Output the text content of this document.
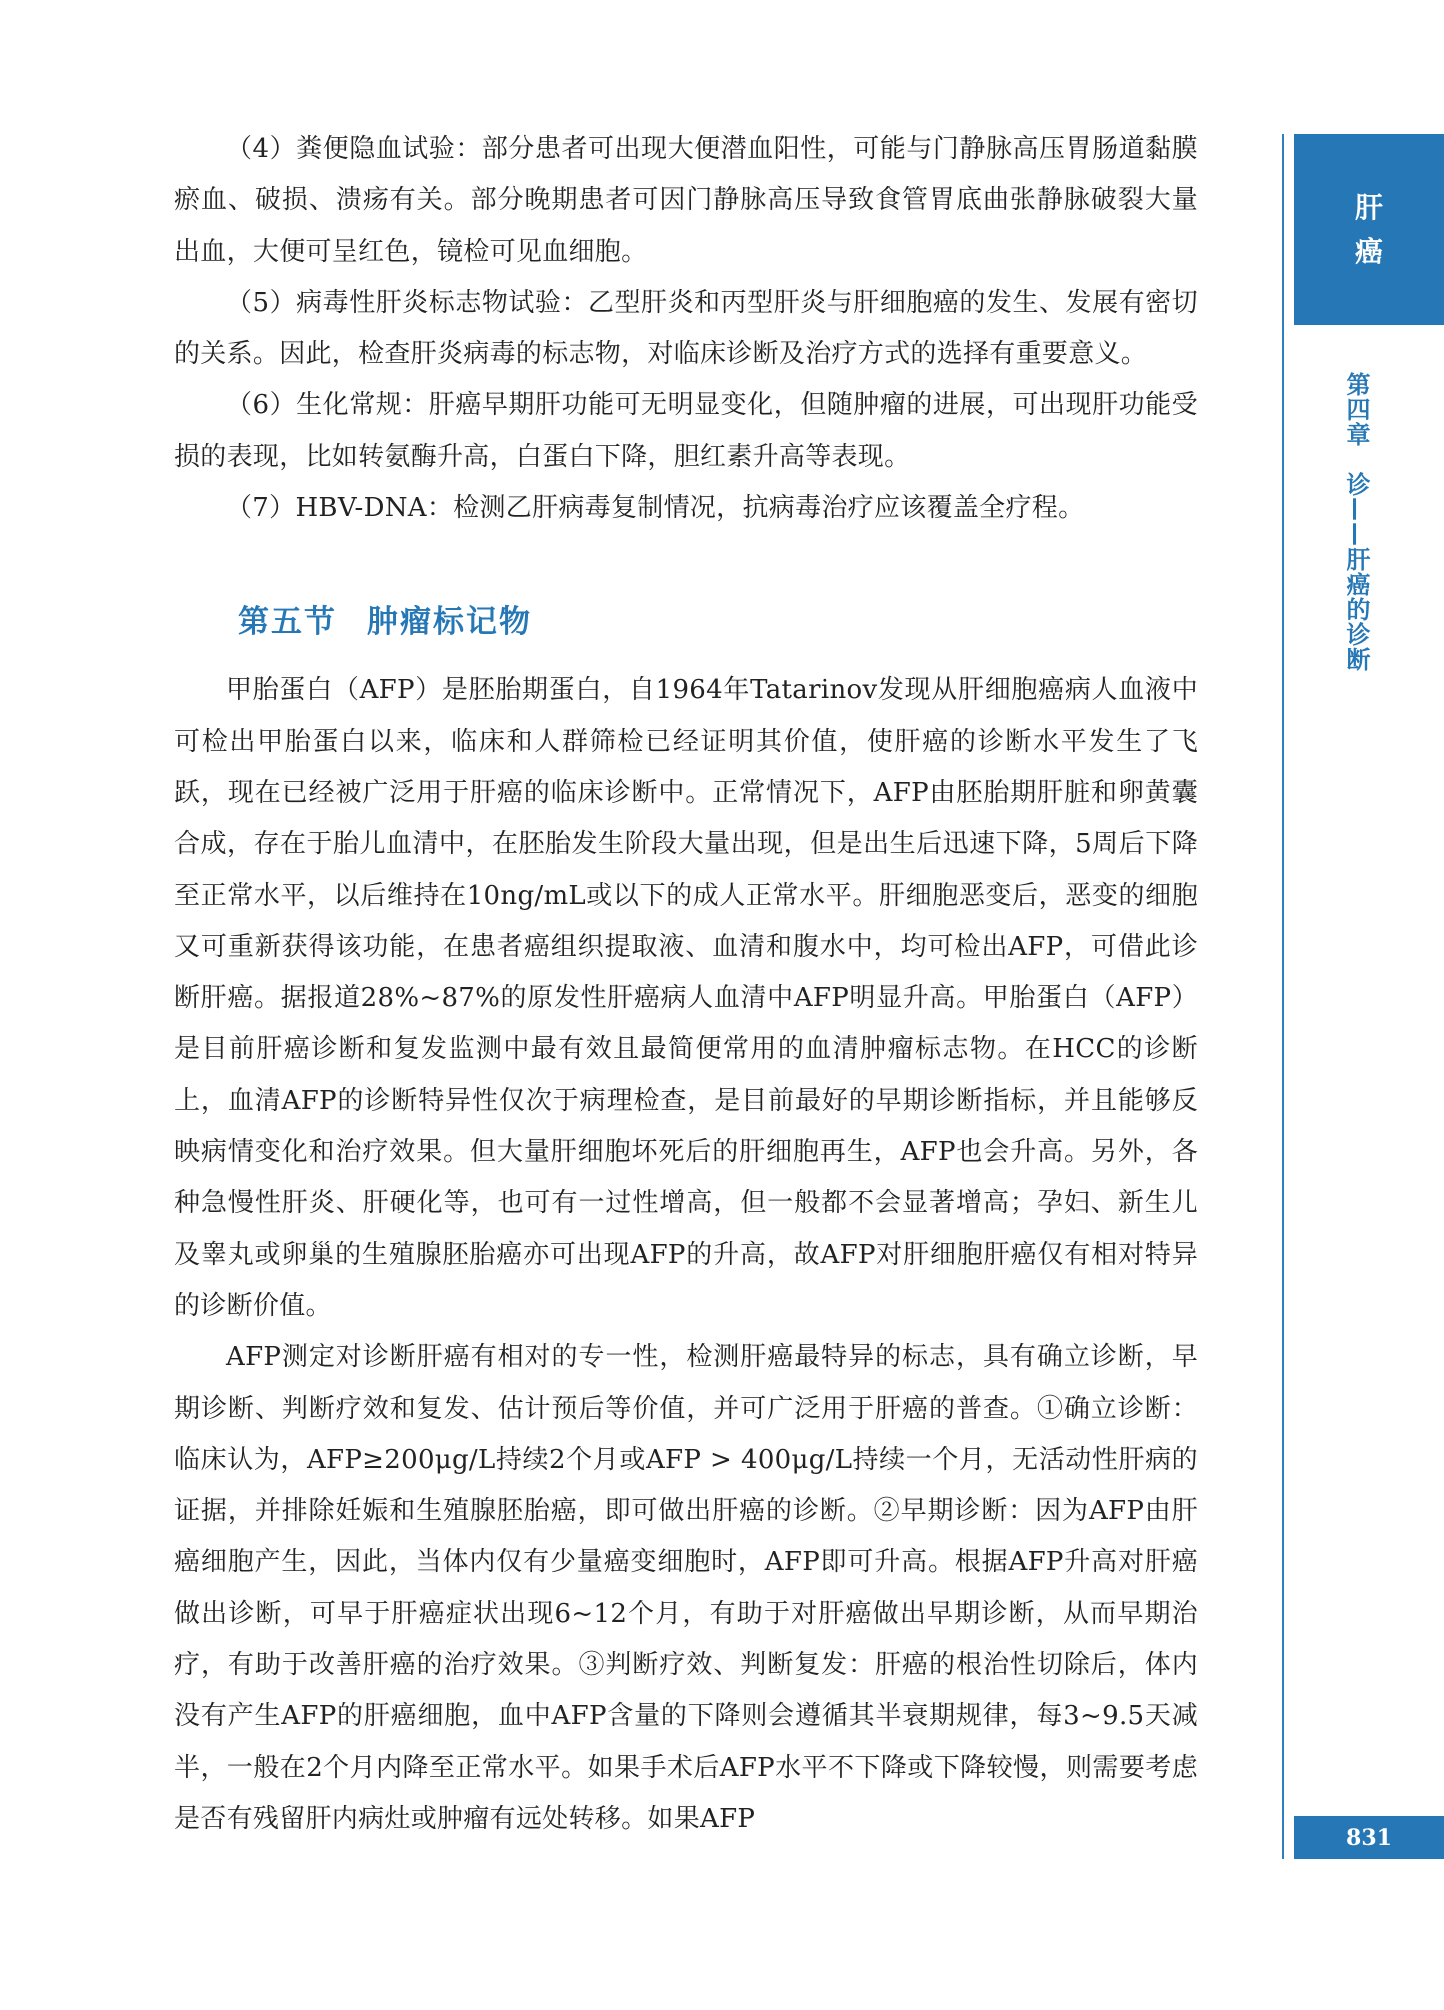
（4）粪便隐血试验：部分患者可出现大便潜血阳性，可能与门静脉高压胃肠道黏膜瘀血、破损、溃疡有关。部分晚期患者可因门静脉高压导致食管胃底曲张静脉破裂大量出血，大便可呈红色，镜检可见血细胞。

（5）病毒性肝炎标志物试验：乙型肝炎和丙型肝炎与肝细胞癌的发生、发展有密切的关系。因此，检查肝炎病毒的标志物，对临床诊断及治疗方式的选择有重要意义。

（6）生化常规：肝癌早期肝功能可无明显变化，但随肿瘤的进展，可出现肝功能受损的表现，比如转氨酶升高，白蛋白下降，胆红素升高等表现。

（7）HBV-DNA：检测乙肝病毒复制情况，抗病毒治疗应该覆盖全疗程。

第五节 肿瘤标记物

甲胎蛋白（AFP）是胚胎期蛋白，自1964年Tatarinov发现从肝细胞癌病人血液中可检出甲胎蛋白以来，临床和人群筛检已经证明其价值，使肝癌的诊断水平发生了飞跃，现在已经被广泛用于肝癌的临床诊断中。正常情况下，AFP由胚胎期肝脏和卵黄囊合成，存在于胎儿血清中，在胚胎发生阶段大量出现，但是出生后迅速下降，5周后下降至正常水平，以后维持在10ng/mL或以下的成人正常水平。肝细胞恶变后，恶变的细胞又可重新获得该功能，在患者癌组织提取液、血清和腹水中，均可检出AFP，可借此诊断肝癌。据报道28%~87%的原发性肝癌病人血清中AFP明显升高。甲胎蛋白（AFP）是目前肝癌诊断和复发监测中最有效且最简便常用的血清肿瘤标志物。在HCC的诊断上，血清AFP的诊断特异性仅次于病理检查，是目前最好的早期诊断指标，并且能够反映病情变化和治疗效果。但大量肝细胞坏死后的肝细胞再生，AFP也会升高。另外，各种急慢性肝炎、肝硬化等，也可有一过性增高，但一般都不会显著增高；孕妇、新生儿及睾丸或卵巢的生殖腺胚胎癌亦可出现AFP的升高，故AFP对肝细胞肝癌仅有相对特异的诊断价值。

AFP测定对诊断肝癌有相对的专一性，检测肝癌最特异的标志，具有确立诊断，早期诊断、判断疗效和复发、估计预后等价值，并可广泛用于肝癌的普查。①确立诊断：临床认为，AFP≥200μg/L持续2个月或AFP > 400μg/L持续一个月，无活动性肝病的证据，并排除妊娠和生殖腺胚胎癌，即可做出肝癌的诊断。②早期诊断：因为AFP由肝癌细胞产生，因此，当体内仅有少量癌变细胞时，AFP即可升高。根据AFP升高对肝癌做出诊断，可早于肝癌症状出现6~12个月，有助于对肝癌做出早期诊断，从而早期治疗，有助于改善肝癌的治疗效果。③判断疗效、判断复发：肝癌的根治性切除后，体内没有产生AFP的肝癌细胞，血中AFP含量的下降则会遵循其半衰期规律，每3~9.5天减半，一般在2个月内降至正常水平。如果手术后AFP水平不下降或下降较慢，则需要考虑是否有残留肝内病灶或肿瘤有远处转移。如果AFP

肝
癌
第四章　诊——肝癌的诊断
831
